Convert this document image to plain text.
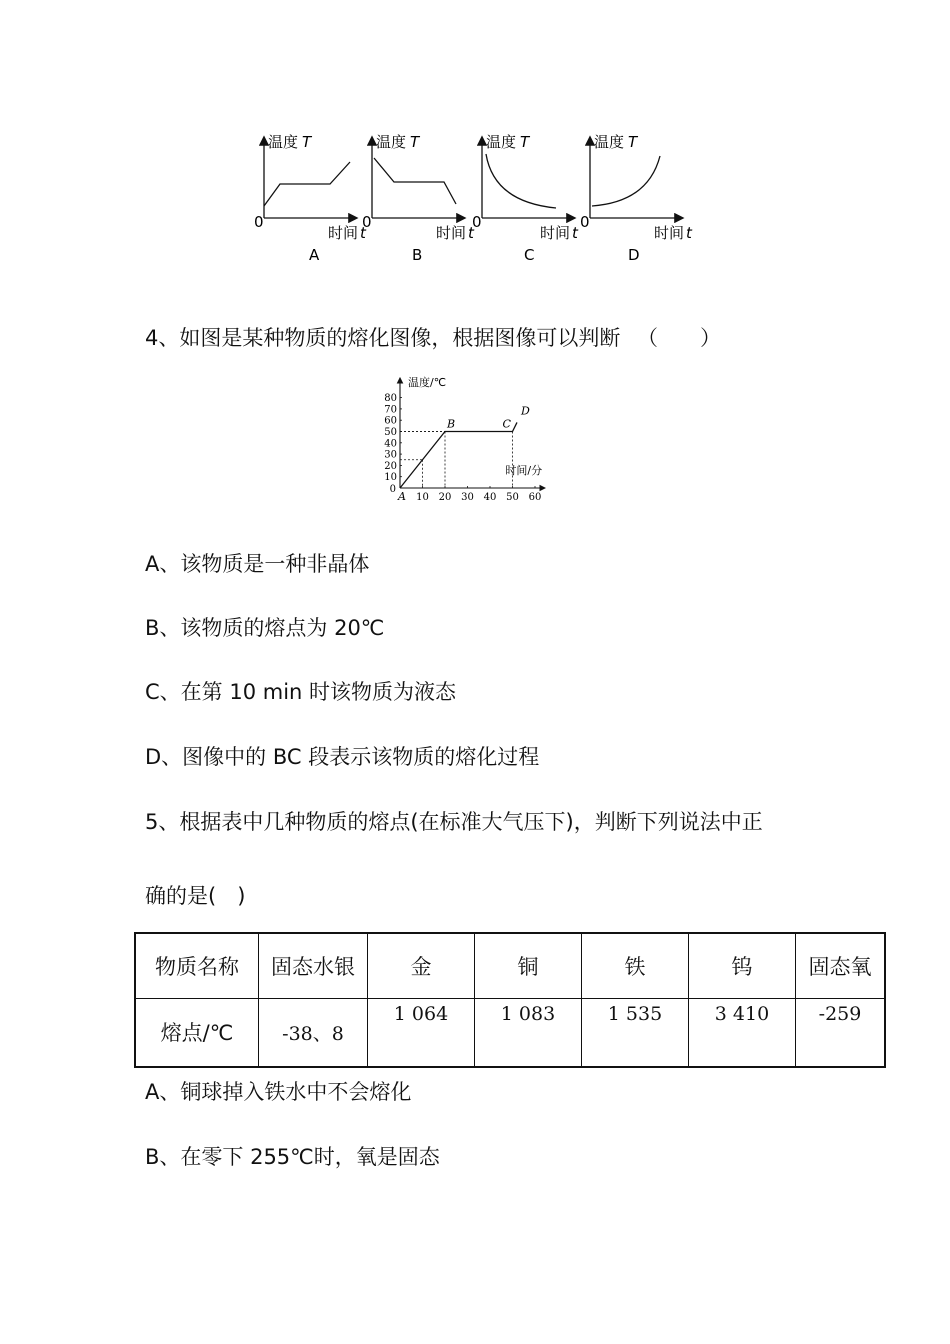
温度 T
0
时间 t
A
温度 T
0
时间 t
B
温度 T
0
时间 t
C
温度 T
0
时间 t
D
4、如图是某种物质的熔化图像，根据图像可以判断 （　　）
10
20
30
40
50
60
70
80
10 20 30 40 50 60
0
温度/℃
时间/分
A
B	C
D
A、该物质是一种非晶体
B、该物质的熔点为 20℃
C、在第 10 min 时该物质为液态
D、图像中的 BC 段表示该物质的熔化过程
5、根据表中几种物质的熔点(在标准大气压下)，判断下列说法中正
确的是(　)
物质名称	固态水银	金	铜	铁	钨	固态氧
熔点/℃	-38、8	1 064	1 083	1 535	3 410	-259
A、铜球掉入铁水中不会熔化
B、在零下 255℃时，氧是固态
